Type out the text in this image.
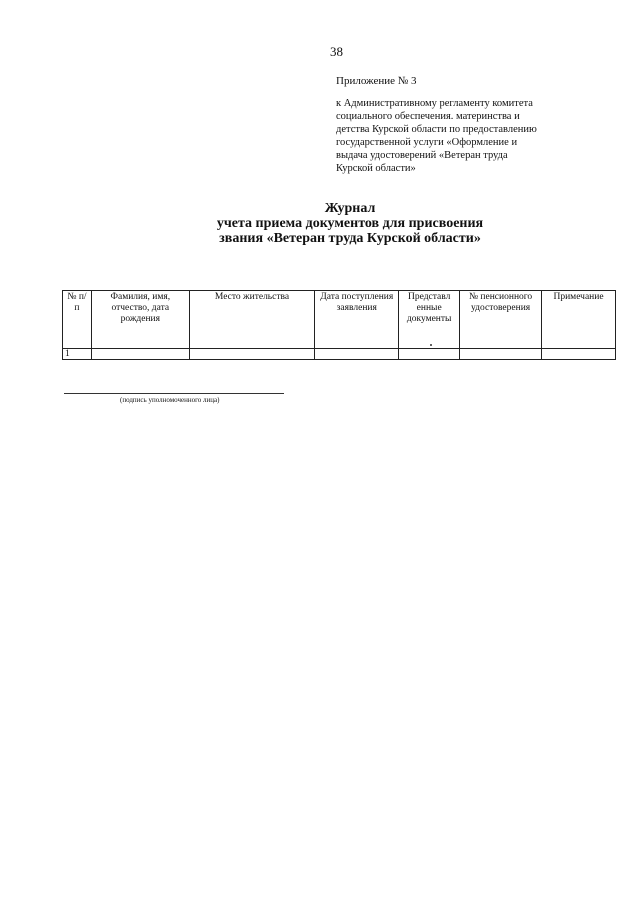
38
Приложение № 3
к Административному регламенту комитета
социального обеспечения. материнства и
детства Курской области по предоставлению
государственной услуги «Оформление и
выдача удостоверений «Ветеран труда
Курской области»
Журнал
учета приема документов для присвоения
звания «Ветеран труда Курской области»
№ п/п	Фамилия, имя, отчество, дата рождения	Место жительства	Дата поступления заявления	Представл енные документы	№ пенсионного удостоверения	Примечание
1						
(подпись уполномоченного лица)
